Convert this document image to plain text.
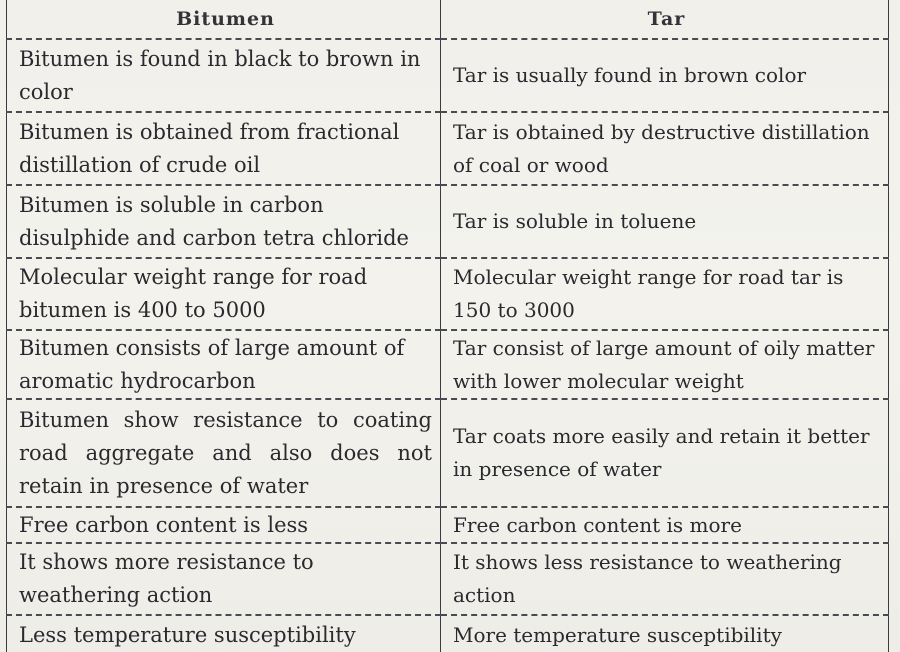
Bitumen	Tar
Bitumen is found in black to brown in color	Tar is usually found in brown color
Bitumen is obtained from fractional distillation of crude oil	Tar is obtained by destructive distillation of coal or wood
Bitumen is soluble in carbon disulphide and carbon tetra chloride	Tar is soluble in toluene
Molecular weight range for road bitumen is 400 to 5000	Molecular weight range for road tar is 150 to 3000
Bitumen consists of large amount of aromatic hydrocarbon	Tar consist of large amount of oily matter with lower molecular weight
Bitumen show resistance to coating road aggregate and also does not retain in presence of water	Tar coats more easily and retain it better in presence of water
Free carbon content is less	Free carbon content is more
It shows more resistance to weathering action	It shows less resistance to weathering action
Less temperature susceptibility	More temperature susceptibility
